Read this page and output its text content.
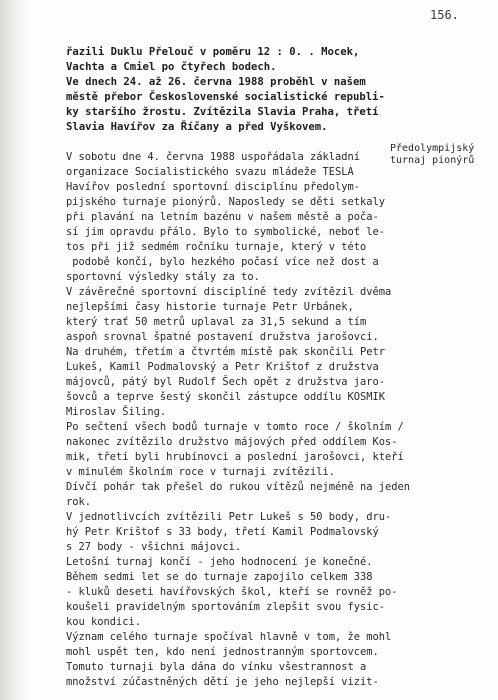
156.
řazili Duklu Přelouč v poměru 12 : 0. . Mocek,
Vachta a Cmiel po čtyřech bodech.
Ve dnech 24. až 26. června 1988 proběhl v našem
městě přebor Československé socialistické republi-
ky staršího žrostu. Zvítězila Slavia Praha, třetí
Slavia Havířov za Říčany a před Vyškovem.
Předolympijský
turnaj pionýrů
V sobotu dne 4. června 1988 uspořádala základní
organizace Socialistického svazu mládeže TESLA
Havířov poslední sportovní disciplínu předolym-
pijského turnaje pionýrů. Naposledy se děti setkaly
při plavání na letním bazénu v našem městě a poča-
sí jim opravdu přálo. Bylo to symbolické, neboť le-
tos při již sedmém ročníku turnaje, který v této
podobě končí, bylo hezkého počasí více než dost a
sportovní výsledky stály za to.
V závěrečné sportovní disciplíně tedy zvítězil dvěma
nejlepšími časy historie turnaje Petr Urbánek,
který trať 50 metrů uplaval za 31,5 sekund a tím
aspoň srovnal špatné postavení družstva jarošovci.
Na druhém, třetím a čtvrtém místě pak skončili Petr
Lukeš, Kamil Podmalovský a Petr Krištof z družstva
májovců, pátý byl Rudolf Šech opět z družstva jaro-
šovců a teprve šestý skončil zástupce oddílu KOSMIK
Miroslav Šiling.
Po sečtení všech bodů turnaje v tomto roce / školním /
nakonec zvítězilo družstvo májových před oddílem Kos-
mik, třetí byli hrubínovci a poslední jarošovci, kteří
v minulém školním roce v turnaji zvítězili.
Dívčí pohár tak přešel do rukou vítězů nejméně na jeden
rok.
V jednotlivcích zvítězili Petr Lukeš s 50 body, dru-
hý Petr Krištof s 33 body, třetí Kamil Podmalovský
s 27 body - všichni májovci.
Letošní turnaj končí - jeho hodnocení je konečné.
Během sedmi let se do turnaje zapojilo celkem 338
- kluků deseti havířovských škol, kteří se rovněž po-
koušeli pravidelným sportováním zlepšit svou fysic-
kou kondici.
Význam celého turnaje spočíval hlavně v tom, že mohl
mohl uspět ten, kdo není jednostranným sportovcem.
Tomuto turnaji byla dána do vínku všestrannost a
množství zúčastněných dětí je jeho nejlepší vizit-
